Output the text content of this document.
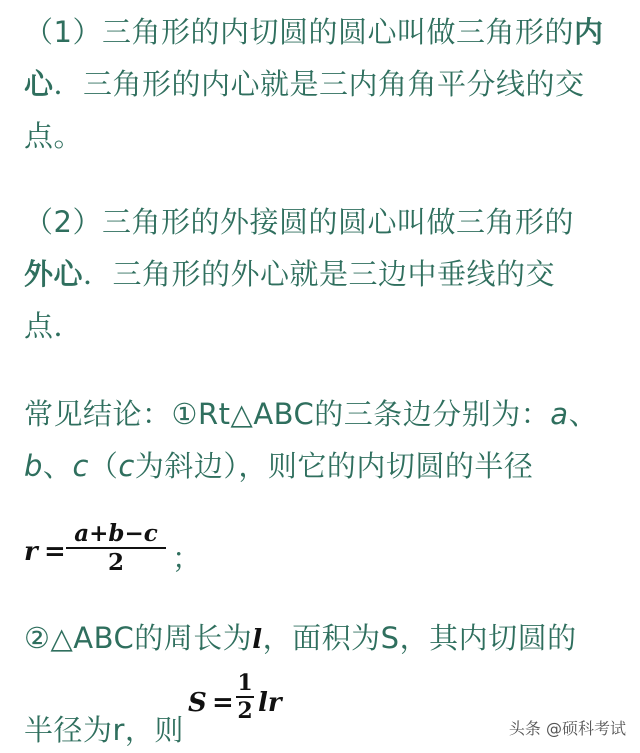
（1）三角形的内切圆的圆心叫做三角形的内
心．三角形的内心就是三内角角平分线的交
点。
（2）三角形的外接圆的圆心叫做三角形的
外心．三角形的外心就是三边中垂线的交
点．
常见结论：①Rt△ABC的三条边分别为：a、
b、c（c为斜边），则它的内切圆的半径
r =
a+b−c
2	；
②△ABC的周长为l，面积为S，其内切圆的
半径为r，则
S =
1
2 lr
头条 @硕科考试
